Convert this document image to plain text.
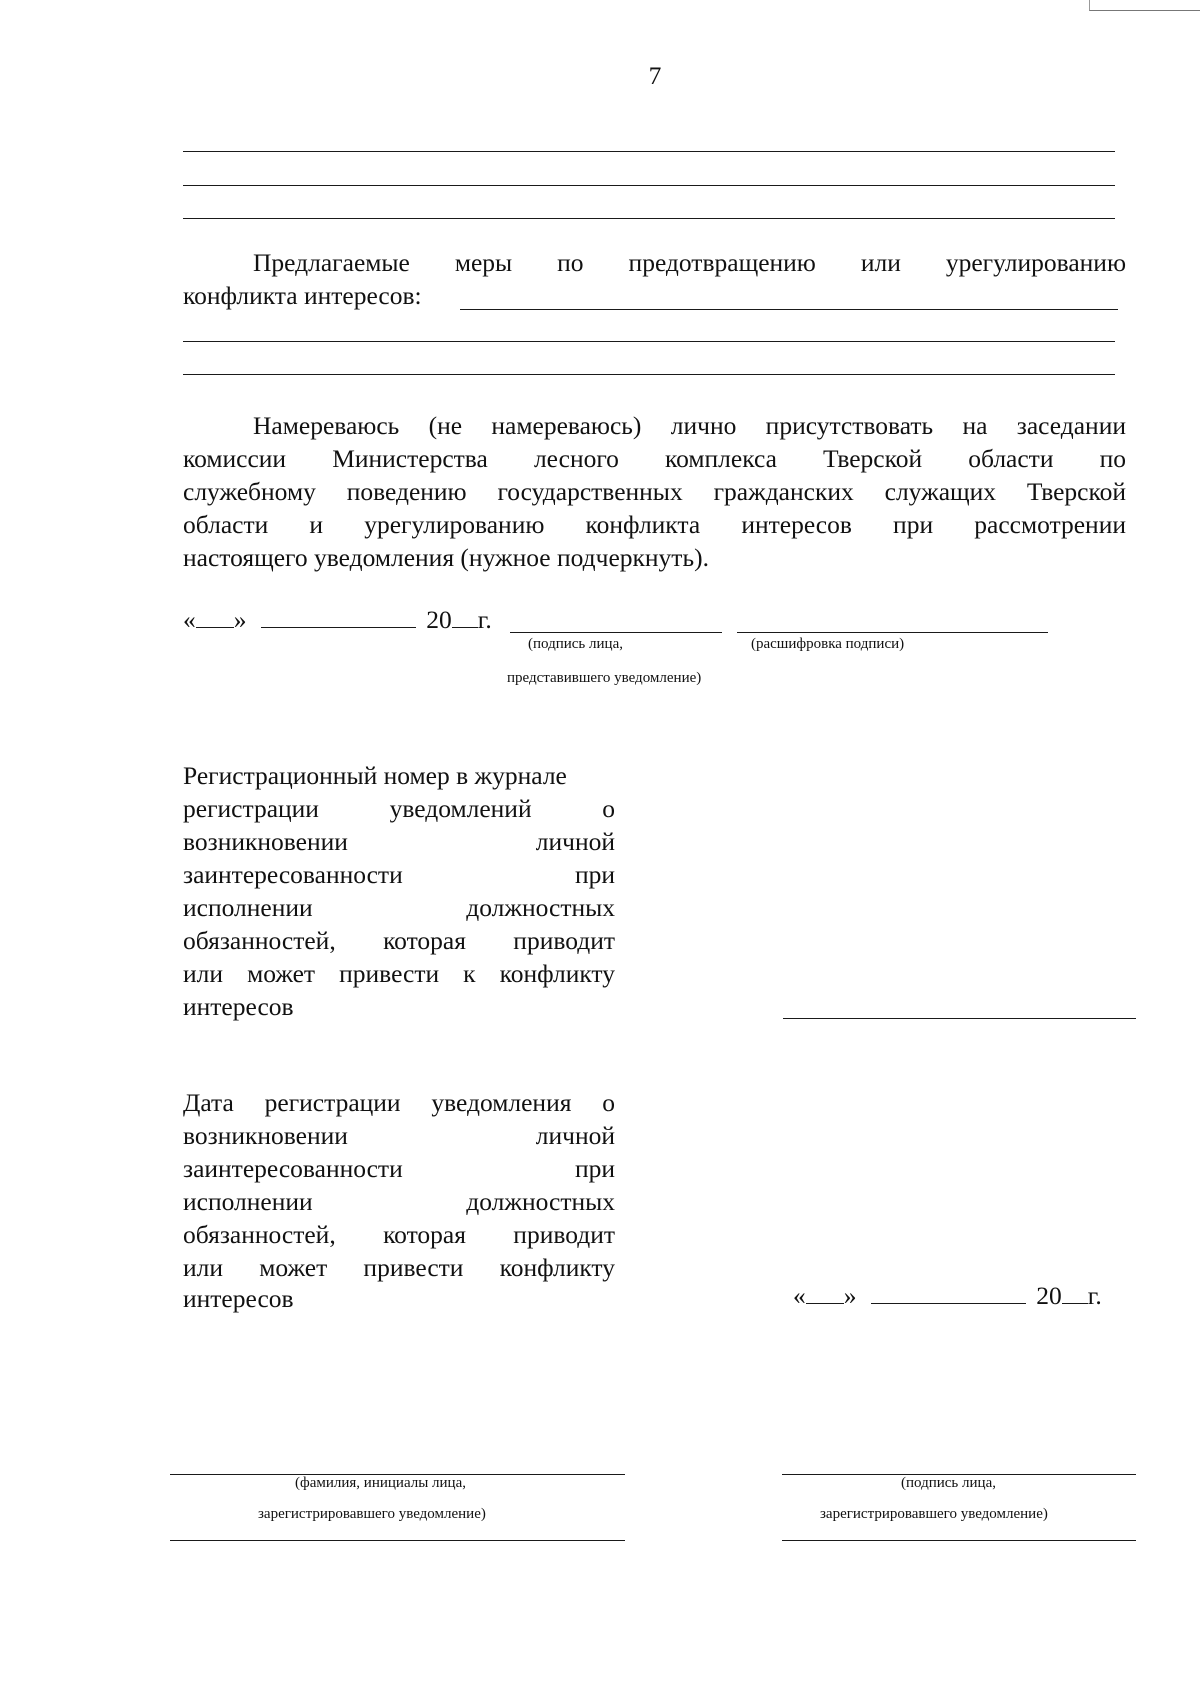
7
Предлагаемые меры по предотвращению или урегулированию
конфликта интересов:
Намереваюсь (не намереваюсь) лично присутствовать на заседании
комиссии Министерства лесного комплекса Тверской области по
служебному поведению государственных гражданских служащих Тверской
области и урегулированию конфликта интересов при рассмотрении
настоящего уведомления (нужное подчеркнуть).
« »	20 г.
(подпись лица,	(расшифровка подписи)
представившего уведомление)
Регистрационный номер в журнале
регистрации уведомлений о
возникновении личной
заинтересованности при
исполнении должностных
обязанностей, которая приводит
или может привести к конфликту
интересов
Дата регистрации уведомления о
возникновении личной
заинтересованности при
исполнении должностных
обязанностей, которая приводит
или может привести конфликту
интересов	« »	20 г.
(фамилия, инициалы лица,
зарегистрировавшего уведомление)
(подпись лица,
зарегистрировавшего уведомление)
